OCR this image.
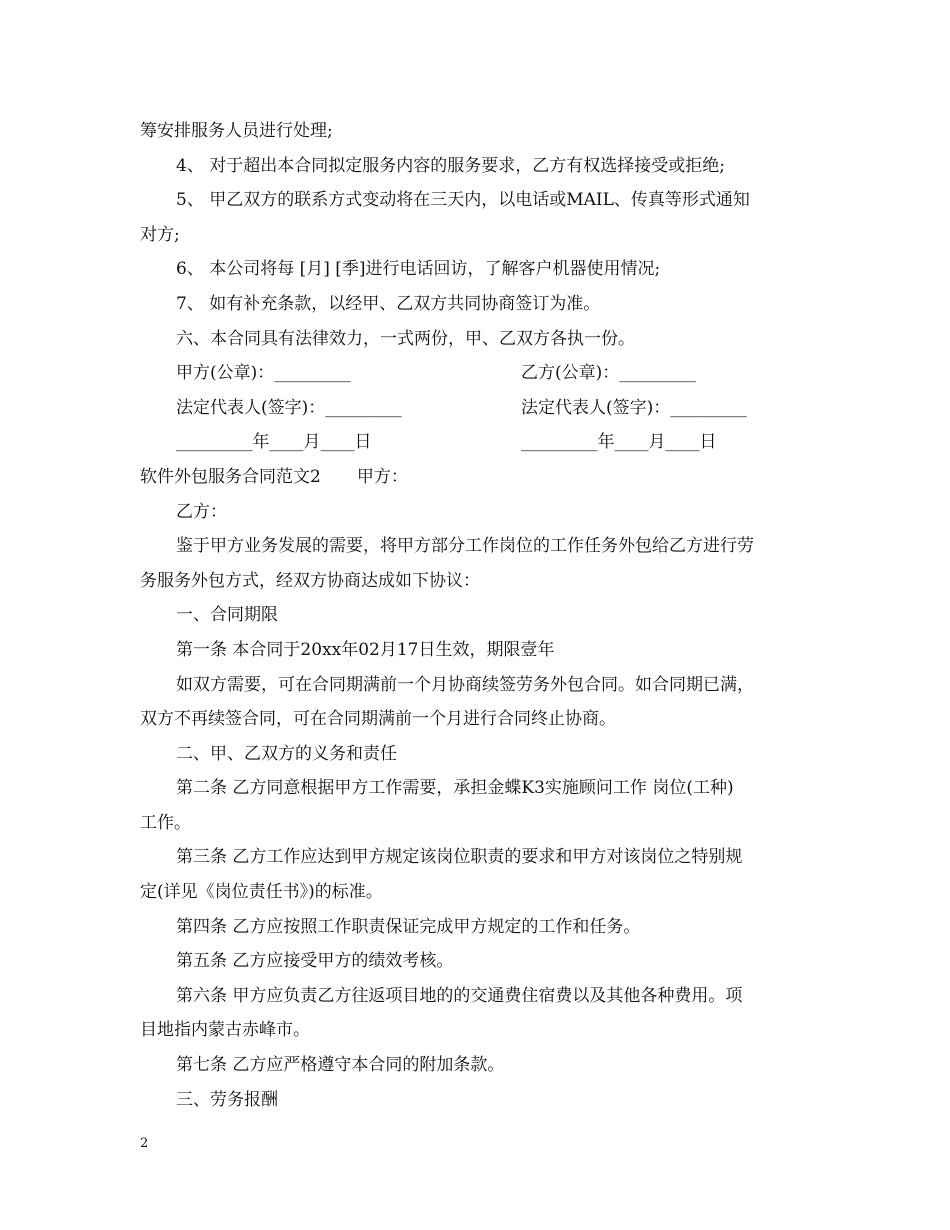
筹安排服务人员进行处理;
4、 对于超出本合同拟定服务内容的服务要求，乙方有权选择接受或拒绝;
5、 甲乙双方的联系方式变动将在三天内，以电话或MAIL、传真等形式通知
对方;
6、 本公司将每 [月] [季]进行电话回访，了解客户机器使用情况;
7、 如有补充条款，以经甲、乙双方共同协商签订为准。
六、本合同具有法律效力，一式两份，甲、乙双方各执一份。
甲方(公章)：_________	乙方(公章)：_________
法定代表人(签字)：_________	法定代表人(签字)：_________
_________年____月____日	_________年____月____日
软件外包服务合同范文2 甲方：
乙方：
鉴于甲方业务发展的需要，将甲方部分工作岗位的工作任务外包给乙方进行劳
务服务外包方式，经双方协商达成如下协议：
一、合同期限
第一条 本合同于20xx年02月17日生效，期限壹年
如双方需要，可在合同期满前一个月协商续签劳务外包合同。如合同期已满，
双方不再续签合同，可在合同期满前一个月进行合同终止协商。
二、甲、乙双方的义务和责任
第二条 乙方同意根据甲方工作需要，承担金蝶K3实施顾问工作 岗位(工种)
工作。
第三条 乙方工作应达到甲方规定该岗位职责的要求和甲方对该岗位之特别规
定(详见《岗位责任书》)的标准。
第四条 乙方应按照工作职责保证完成甲方规定的工作和任务。
第五条 乙方应接受甲方的绩效考核。
第六条 甲方应负责乙方往返项目地的的交通费住宿费以及其他各种费用。项
目地指内蒙古赤峰市。
第七条 乙方应严格遵守本合同的附加条款。
三、劳务报酬
2
